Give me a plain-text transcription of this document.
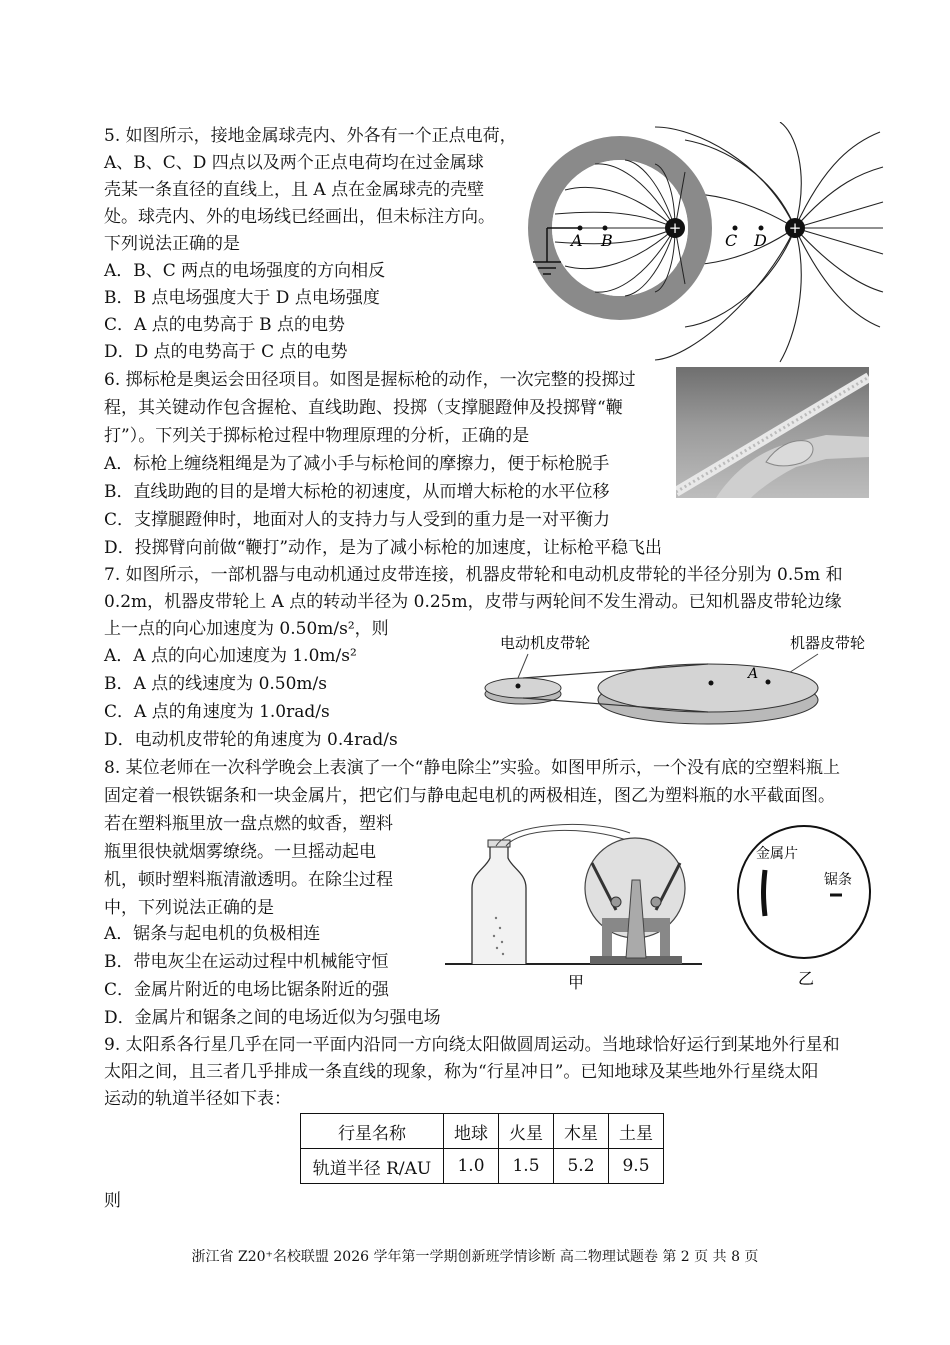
5. 如图所示，接地金属球壳内、外各有一个正点电荷，
A、B、C、D 四点以及两个正点电荷均在过金属球
壳某一条直径的直线上，且 A 点在金属球壳的壳壁
处。球壳内、外的电场线已经画出，但未标注方向。
下列说法正确的是
A．B、C 两点的电场强度的方向相反
B．B 点电场强度大于 D 点电场强度
C．A 点的电势高于 B 点的电势
D．D 点的电势高于 C 点的电势
+	+
A B	C D
6. 掷标枪是奥运会田径项目。如图是握标枪的动作，一次完整的投掷过
程，其关键动作包含握枪、直线助跑、投掷（支撑腿蹬伸及投掷臂“鞭
打”）。下列关于掷标枪过程中物理原理的分析，正确的是
A．标枪上缠绕粗绳是为了减小手与标枪间的摩擦力，便于标枪脱手
B．直线助跑的目的是增大标枪的初速度，从而增大标枪的水平位移
C．支撑腿蹬伸时，地面对人的支持力与人受到的重力是一对平衡力
D．投掷臂向前做“鞭打”动作，是为了减小标枪的加速度，让标枪平稳飞出
7. 如图所示，一部机器与电动机通过皮带连接，机器皮带轮和电动机皮带轮的半径分别为 0.5m 和
0.2m，机器皮带轮上 A 点的转动半径为 0.25m，皮带与两轮间不发生滑动。已知机器皮带轮边缘
上一点的向心加速度为 0.50m/s²，则
A．A 点的向心加速度为 1.0m/s²
B．A 点的线速度为 0.50m/s
C．A 点的角速度为 1.0rad/s
D．电动机皮带轮的角速度为 0.4rad/s
电动机皮带轮	机器皮带轮
A
8. 某位老师在一次科学晚会上表演了一个“静电除尘”实验。如图甲所示，一个没有底的空塑料瓶上
固定着一根铁锯条和一块金属片，把它们与静电起电机的两极相连，图乙为塑料瓶的水平截面图。
若在塑料瓶里放一盘点燃的蚊香，塑料
瓶里很快就烟雾缭绕。一旦摇动起电
机，顿时塑料瓶清澈透明。在除尘过程
中，下列说法正确的是
A．锯条与起电机的负极相连
B．带电灰尘在运动过程中机械能守恒
C．金属片附近的电场比锯条附近的强
D．金属片和锯条之间的电场近似为匀强电场
甲
金属片
锯条
乙
9. 太阳系各行星几乎在同一平面内沿同一方向绕太阳做圆周运动。当地球恰好运行到某地外行星和
太阳之间，且三者几乎排成一条直线的现象，称为“行星冲日”。已知地球及某些地外行星绕太阳
运动的轨道半径如下表：
行星名称	地球	火星	木星	土星
轨道半径 R/AU	1.0	1.5	5.2	9.5
则
浙江省 Z20⁺名校联盟 2026 学年第一学期创新班学情诊断 高二物理试题卷 第 2 页 共 8 页
